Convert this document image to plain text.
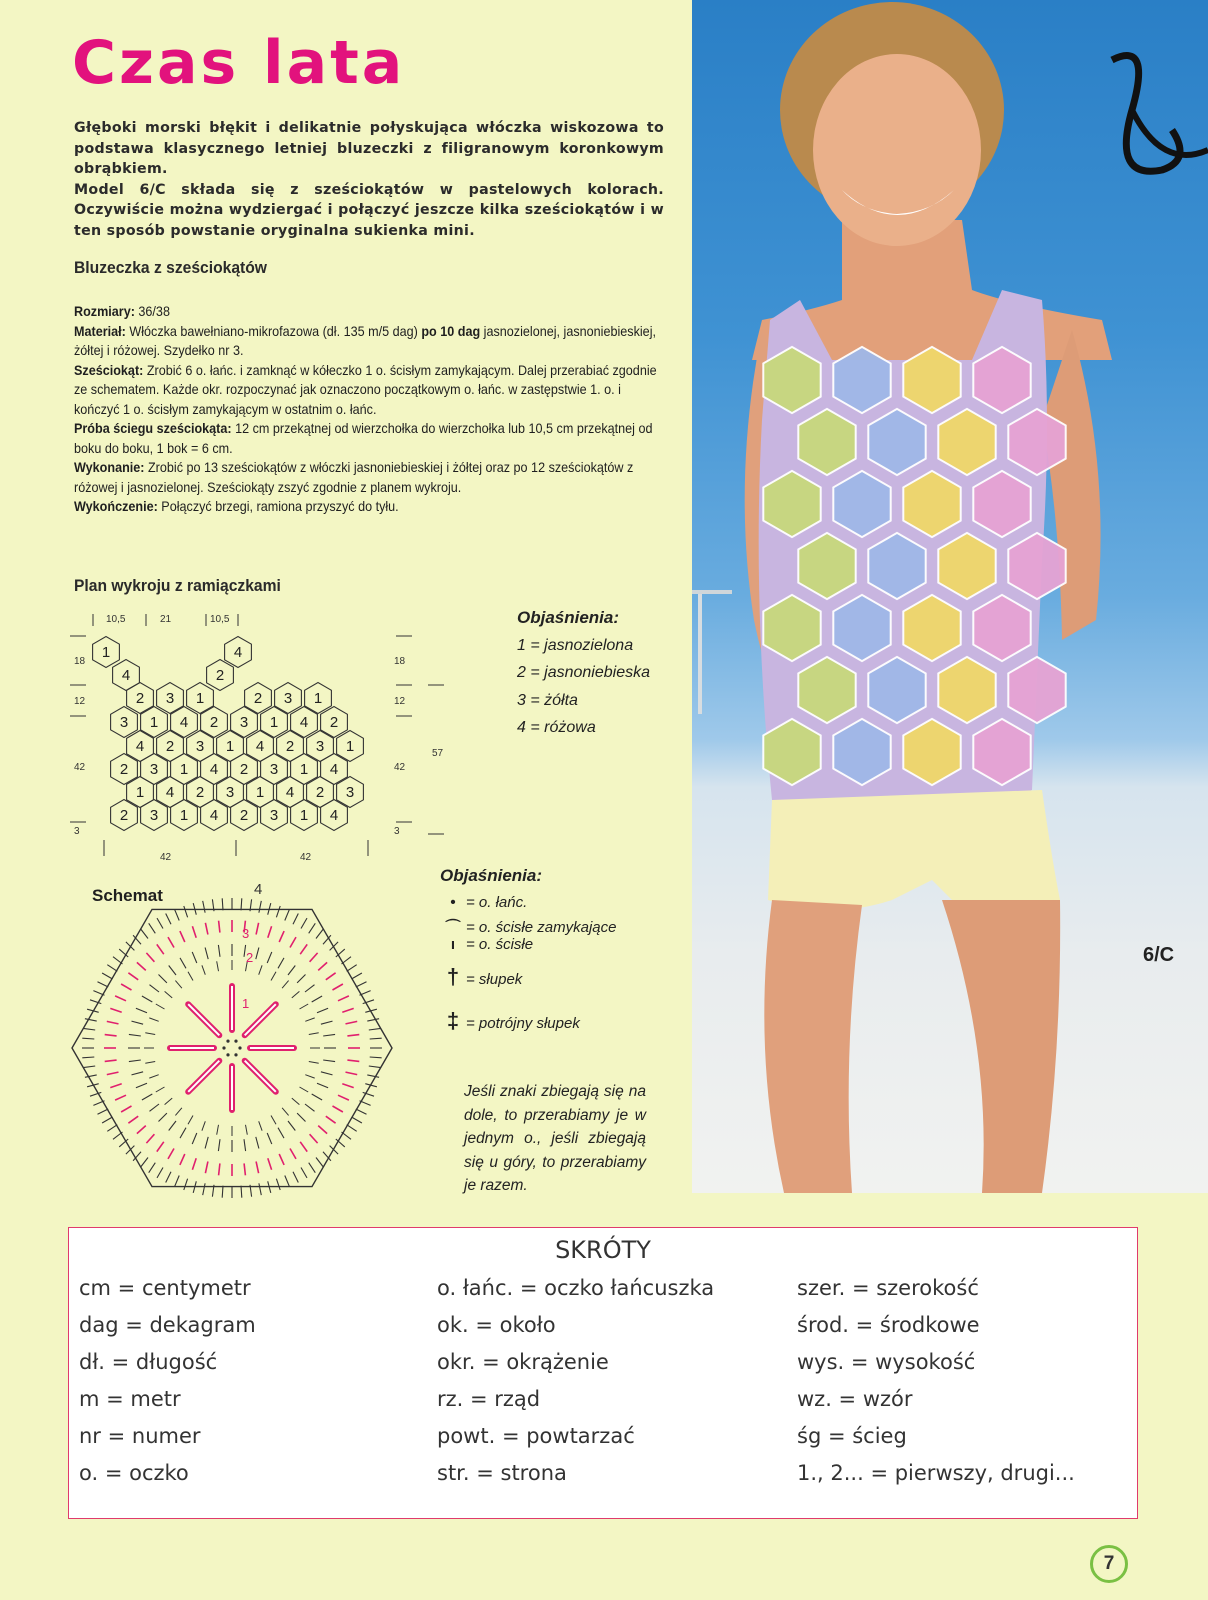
Czas lata

Głęboki morski błękit i delikatnie połyskująca włóczka wiskozowa to podstawa klasycznego letniej bluzeczki z filigranowym koronkowym obrąbkiem.

Model 6/C składa się z sześciokątów w pastelowych kolorach. Oczywiście można wydziergać i połączyć jeszcze kilka sześciokątów i w ten sposób powstanie oryginalna sukienka mini.

Bluzeczka z sześciokątów

Rozmiary: 36/38

Materiał: Włóczka bawełniano-mikrofazowa (dł. 135 m/5 dag) po 10 dag jasnozielonej, jasnoniebieskiej, żółtej i różowej. Szydełko nr 3.

Sześciokąt: Zrobić 6 o. łańc. i zamknąć w kółeczko 1 o. ścisłym zamykającym. Dalej przerabiać zgodnie ze schematem. Każde okr. rozpoczynać jak oznaczono początkowym o. łańc. w zastępstwie 1. o. i kończyć 1 o. ścisłym zamykającym w ostatnim o. łańc.

Próba ściegu sześciokąta: 12 cm przekątnej od wierzchołka do wierzchołka lub 10,5 cm przekątnej od boku do boku, 1 bok = 6 cm.

Wykonanie: Zrobić po 13 sześciokątów z włóczki jasnoniebieskiej i żółtej oraz po 12 sześciokątów z różowej i jasnozielonej. Sześciokąty zszyć zgodnie z planem wykroju.

Wykończenie: Połączyć brzegi, ramiona przyszyć do tyłu.

Plan wykroju z ramiączkami
10,5	21	10,5
18
12
42
3
18
12
42
3
57
42	42
1	4
4	2
2 3 1	2 3 1
3 1 4 2 3 1 4 2
4 2 3 1 4 2 3 1
2 3 1 4 2 3 1 4
1 4 2 3 1 4 2 3
2 3 1 4 2 3 1 4
Objaśnienia:
1 = jasnozielona
2 = jasnoniebieska
3 = żółta
4 = różowa
Objaśnienia:
• = o. łańc.
⌒ = o. ścisłe zamykające
ı = o. ścisłe
† = słupek
‡ = potrójny słupek
Jeśli znaki zbiegają się na dole, to przerabiamy je w jednym o., jeśli zbiegają się u góry, to przerabiamy je razem.
Schemat
1
2
3
4
6/C
SKRÓTY
cm = centymetr
dag = dekagram
dł. = długość
m = metr
nr = numer
o. = oczko
o. łańc. = oczko łańcuszka
ok. = około
okr. = okrążenie
rz. = rząd
powt. = powtarzać
str. = strona
szer. = szerokość
środ. = środkowe
wys. = wysokość
wz. = wzór
śg = ścieg
1., 2... = pierwszy, drugi...
7
